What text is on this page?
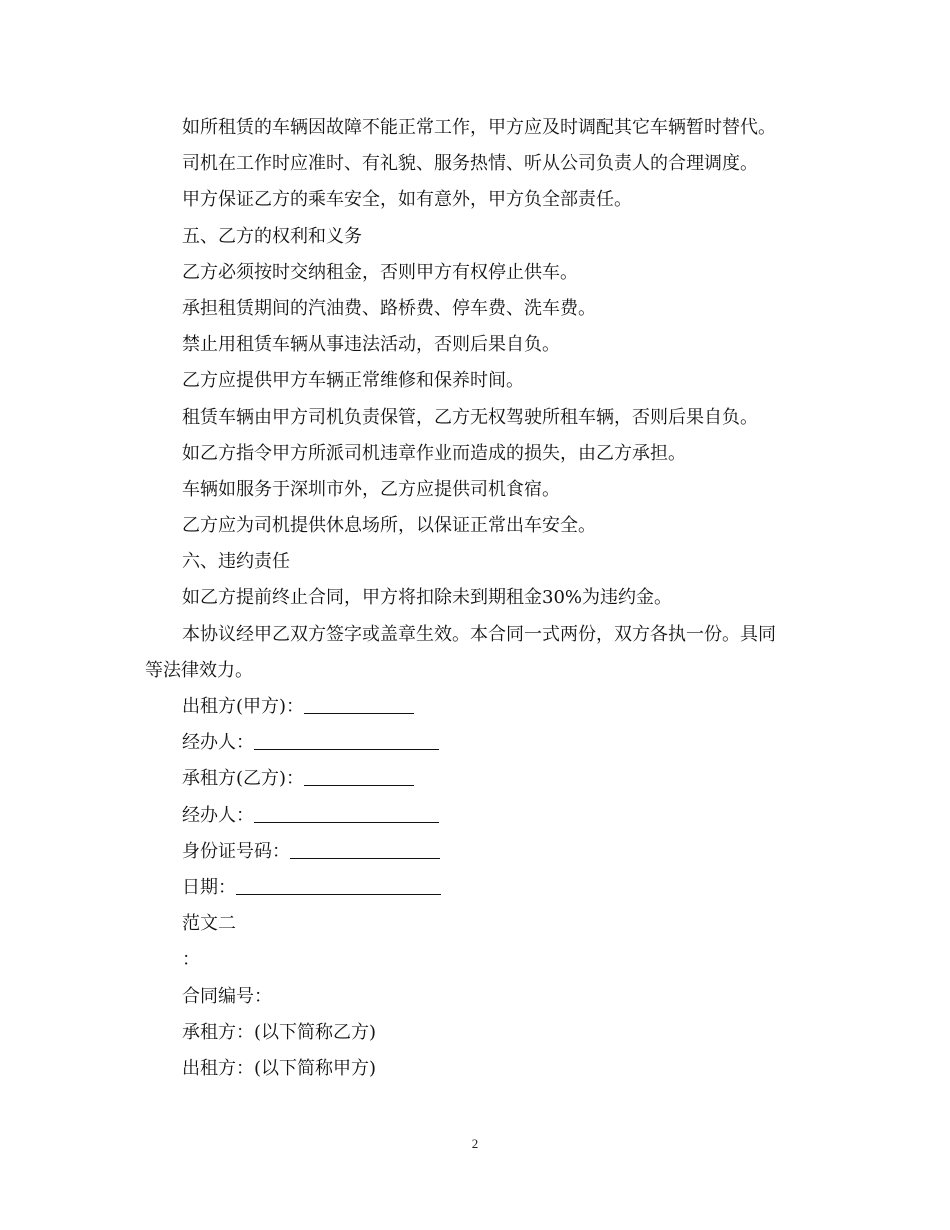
如所租赁的车辆因故障不能正常工作，甲方应及时调配其它车辆暂时替代。
司机在工作时应准时、有礼貌、服务热情、听从公司负责人的合理调度。
甲方保证乙方的乘车安全，如有意外，甲方负全部责任。
五、乙方的权利和义务
乙方必须按时交纳租金，否则甲方有权停止供车。
承担租赁期间的汽油费、路桥费、停车费、洗车费。
禁止用租赁车辆从事违法活动，否则后果自负。
乙方应提供甲方车辆正常维修和保养时间。
租赁车辆由甲方司机负责保管，乙方无权驾驶所租车辆，否则后果自负。
如乙方指令甲方所派司机违章作业而造成的损失，由乙方承担。
车辆如服务于深圳市外，乙方应提供司机食宿。
乙方应为司机提供休息场所，以保证正常出车安全。
六、违约责任
如乙方提前终止合同，甲方将扣除未到期租金30%为违约金。
本协议经甲乙双方签字或盖章生效。本合同一式两份，双方各执一份。具同
等法律效力。
出租方(甲方)：
经办人：
承租方(乙方)：
经办人：
身份证号码：
日期：
范文二
：
合同编号：
承租方：(以下简称乙方)
出租方：(以下简称甲方)
2
